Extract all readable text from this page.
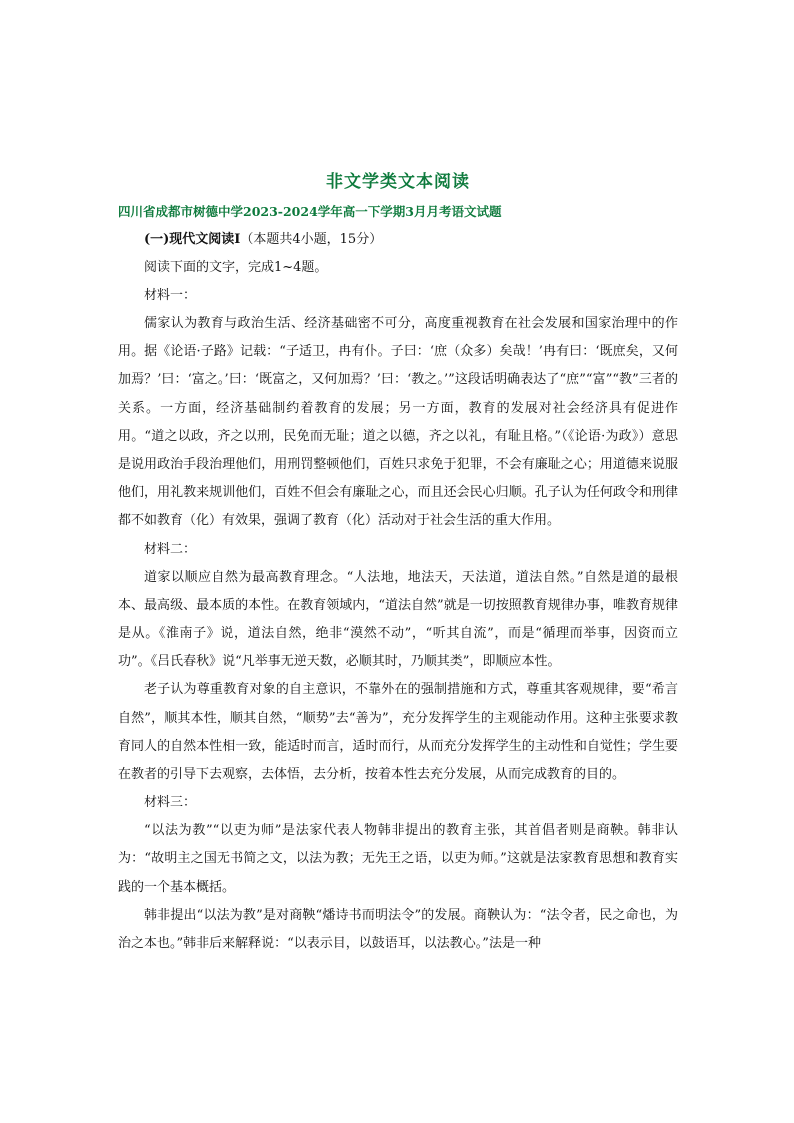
非文学类文本阅读
四川省成都市树德中学2023-2024学年高一下学期3月月考语文试题
(一)现代文阅读Ⅰ（本题共4小题，15分）
阅读下面的文字，完成1~4题。
材料一：

儒家认为教育与政治生活、经济基础密不可分，高度重视教育在社会发展和国家治理中的作用。据《论语·子路》记载：“子适卫，冉有仆。子曰：‘庶（众多）矣哉！’冉有曰：‘既庶矣，又何加焉？’曰：‘富之。’曰：‘既富之，又何加焉？’曰：‘教之。’”这段话明确表达了“庶”“富”“教”三者的关系。一方面，经济基础制约着教育的发展；另一方面，教育的发展对社会经济具有促进作用。“道之以政，齐之以刑，民免而无耻；道之以德，齐之以礼，有耻且格。”（《论语·为政》）意思是说用政治手段治理他们，用刑罚整顿他们，百姓只求免于犯罪，不会有廉耻之心；用道德来说服他们，用礼教来规训他们，百姓不但会有廉耻之心，而且还会民心归顺。孔子认为任何政令和刑律都不如教育（化）有效果，强调了教育（化）活动对于社会生活的重大作用。

材料二：

道家以顺应自然为最高教育理念。“人法地，地法天，天法道，道法自然。”自然是道的最根本、最高级、最本质的本性。在教育领域内，“道法自然”就是一切按照教育规律办事，唯教育规律是从。《淮南子》说，道法自然，绝非“漠然不动”，“听其自流”，而是“循理而举事，因资而立功”。《吕氏春秋》说“凡举事无逆天数，必顺其时，乃顺其类”，即顺应本性。

老子认为尊重教育对象的自主意识，不靠外在的强制措施和方式，尊重其客观规律，要“希言自然”，顺其本性，顺其自然，“顺势”去“善为”，充分发挥学生的主观能动作用。这种主张要求教育同人的自然本性相一致，能适时而言，适时而行，从而充分发挥学生的主动性和自觉性；学生要在教者的引导下去观察，去体悟，去分析，按着本性去充分发展，从而完成教育的目的。

材料三：

“以法为教”“以吏为师”是法家代表人物韩非提出的教育主张，其首倡者则是商鞅。韩非认为：“故明主之国无书简之文，以法为教；无先王之语，以吏为师。”这就是法家教育思想和教育实践的一个基本概括。

韩非提出“以法为教”是对商鞅“燔诗书而明法令”的发展。商鞅认为：“法令者，民之命也，为治之本也。”韩非后来解释说：“以表示目，以鼓语耳，以法教心。”法是一种
